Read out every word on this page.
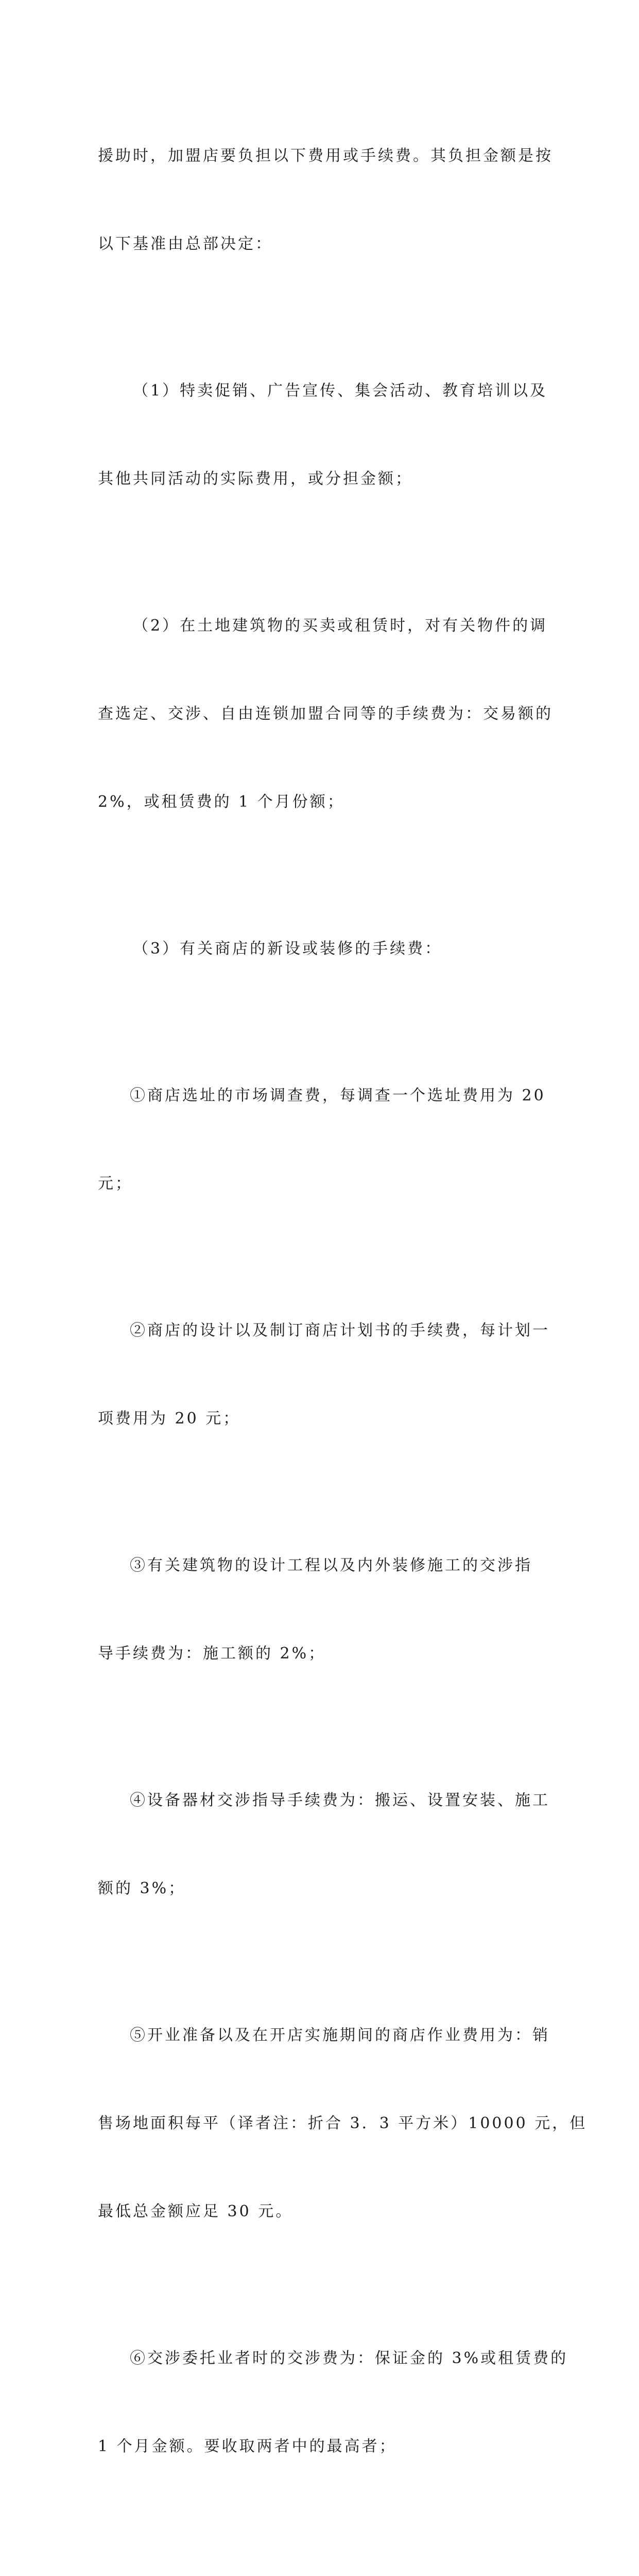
援助时，加盟店要负担以下费用或手续费。其负担金额是按

以下基准由总部决定：

（1）特卖促销、广告宣传、集会活动、教育培训以及

其他共同活动的实际费用，或分担金额；

（2）在土地建筑物的买卖或租赁时，对有关物件的调

查选定、交涉、自由连锁加盟合同等的手续费为：交易额的

2%，或租赁费的 1 个月份额；

（3）有关商店的新设或装修的手续费：

①商店选址的市场调查费，每调查一个选址费用为 20

元；

②商店的设计以及制订商店计划书的手续费，每计划一

项费用为 20 元；

③有关建筑物的设计工程以及内外装修施工的交涉指

导手续费为：施工额的 2%；

④设备器材交涉指导手续费为：搬运、设置安装、施工

额的 3%；

⑤开业准备以及在开店实施期间的商店作业费用为：销

售场地面积每平（译者注：折合 3．3 平方米）10000 元，但

最低总金额应足 30 元。

⑥交涉委托业者时的交涉费为：保证金的 3%或租赁费的

1 个月金额。要收取两者中的最高者；
